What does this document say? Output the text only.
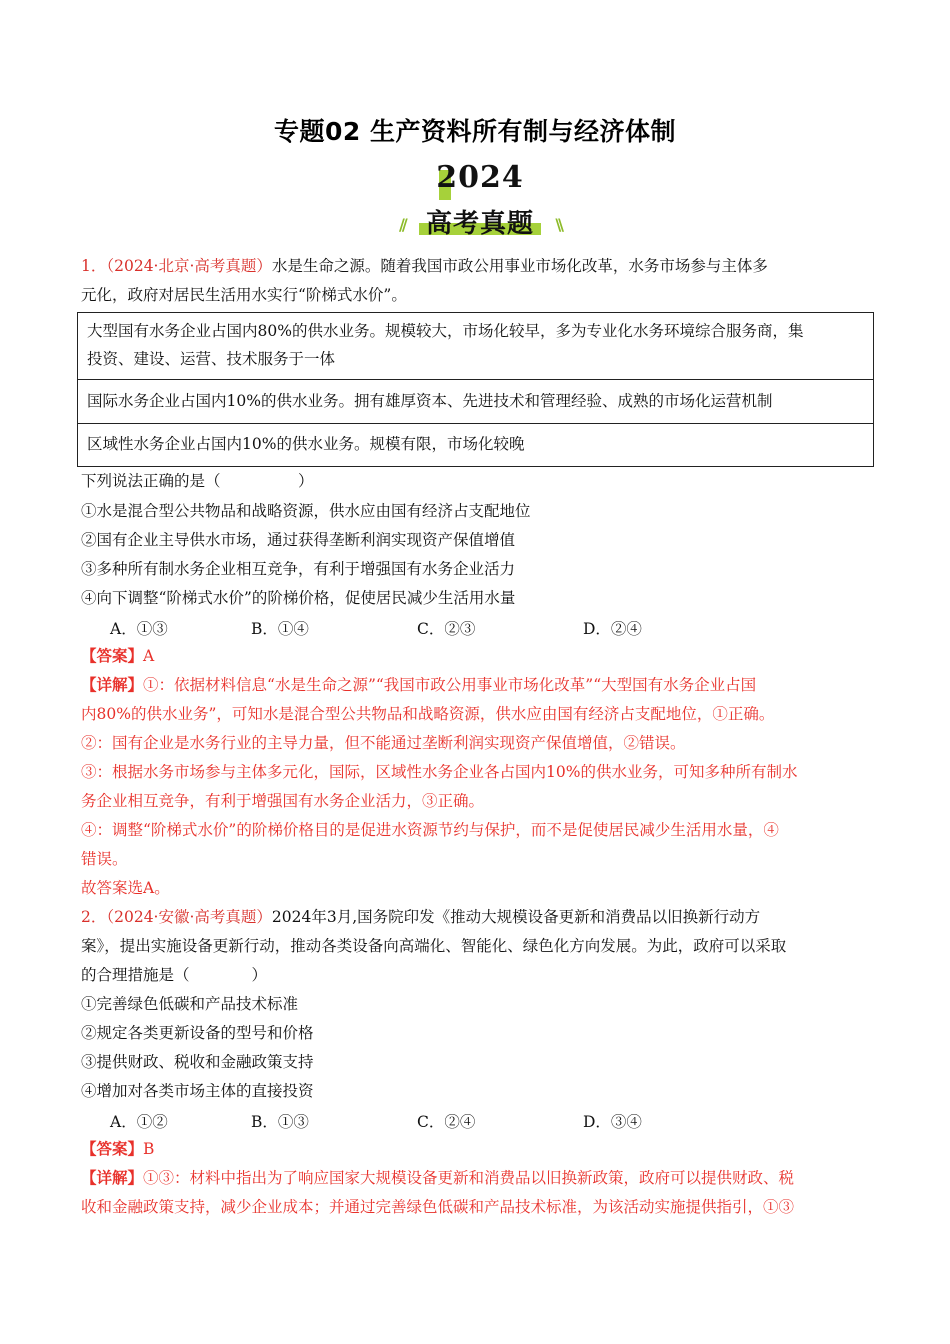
专题02 生产资料所有制与经济体制
2024
// 高考真题	\\
1．（2024·北京·高考真题）水是生命之源。随着我国市政公用事业市场化改革，水务市场参与主体多
元化，政府对居民生活用水实行“阶梯式水价”。
大型国有水务企业占国内80%的供水业务。规模较大，市场化较早，多为专业化水务环境综合服务商，集
投资、建设、运营、技术服务于一体
国际水务企业占国内10%的供水业务。拥有雄厚资本、先进技术和管理经验、成熟的市场化运营机制
区域性水务企业占国内10%的供水业务。规模有限，市场化较晚
下列说法正确的是（　　　　　）
①水是混合型公共物品和战略资源，供水应由国有经济占支配地位
②国有企业主导供水市场，通过获得垄断利润实现资产保值增值
③多种所有制水务企业相互竞争，有利于增强国有水务企业活力
④向下调整“阶梯式水价”的阶梯价格，促使居民减少生活用水量
A．①③	B．①④	C．②③	D．②④
【答案】A
【详解】①：依据材料信息“水是生命之源”“我国市政公用事业市场化改革”“大型国有水务企业占国
内80%的供水业务”，可知水是混合型公共物品和战略资源，供水应由国有经济占支配地位，①正确。
②：国有企业是水务行业的主导力量，但不能通过垄断利润实现资产保值增值，②错误。
③：根据水务市场参与主体多元化，国际，区域性水务企业各占国内10%的供水业务，可知多种所有制水
务企业相互竞争，有利于增强国有水务企业活力，③正确。
④：调整“阶梯式水价”的阶梯价格目的是促进水资源节约与保护，而不是促使居民减少生活用水量，④
错误。
故答案选A。
2．（2024·安徽·高考真题）2024年3月,国务院印发《推动大规模设备更新和消费品以旧换新行动方
案》，提出实施设备更新行动，推动各类设备向高端化、智能化、绿色化方向发展。为此，政府可以采取
的合理措施是（　　　　）
①完善绿色低碳和产品技术标准
②规定各类更新设备的型号和价格
③提供财政、税收和金融政策支持
④增加对各类市场主体的直接投资
A．①②	B．①③	C．②④	D．③④
【答案】B
【详解】①③：材料中指出为了响应国家大规模设备更新和消费品以旧换新政策，政府可以提供财政、税
收和金融政策支持，减少企业成本；并通过完善绿色低碳和产品技术标准，为该活动实施提供指引，①③
